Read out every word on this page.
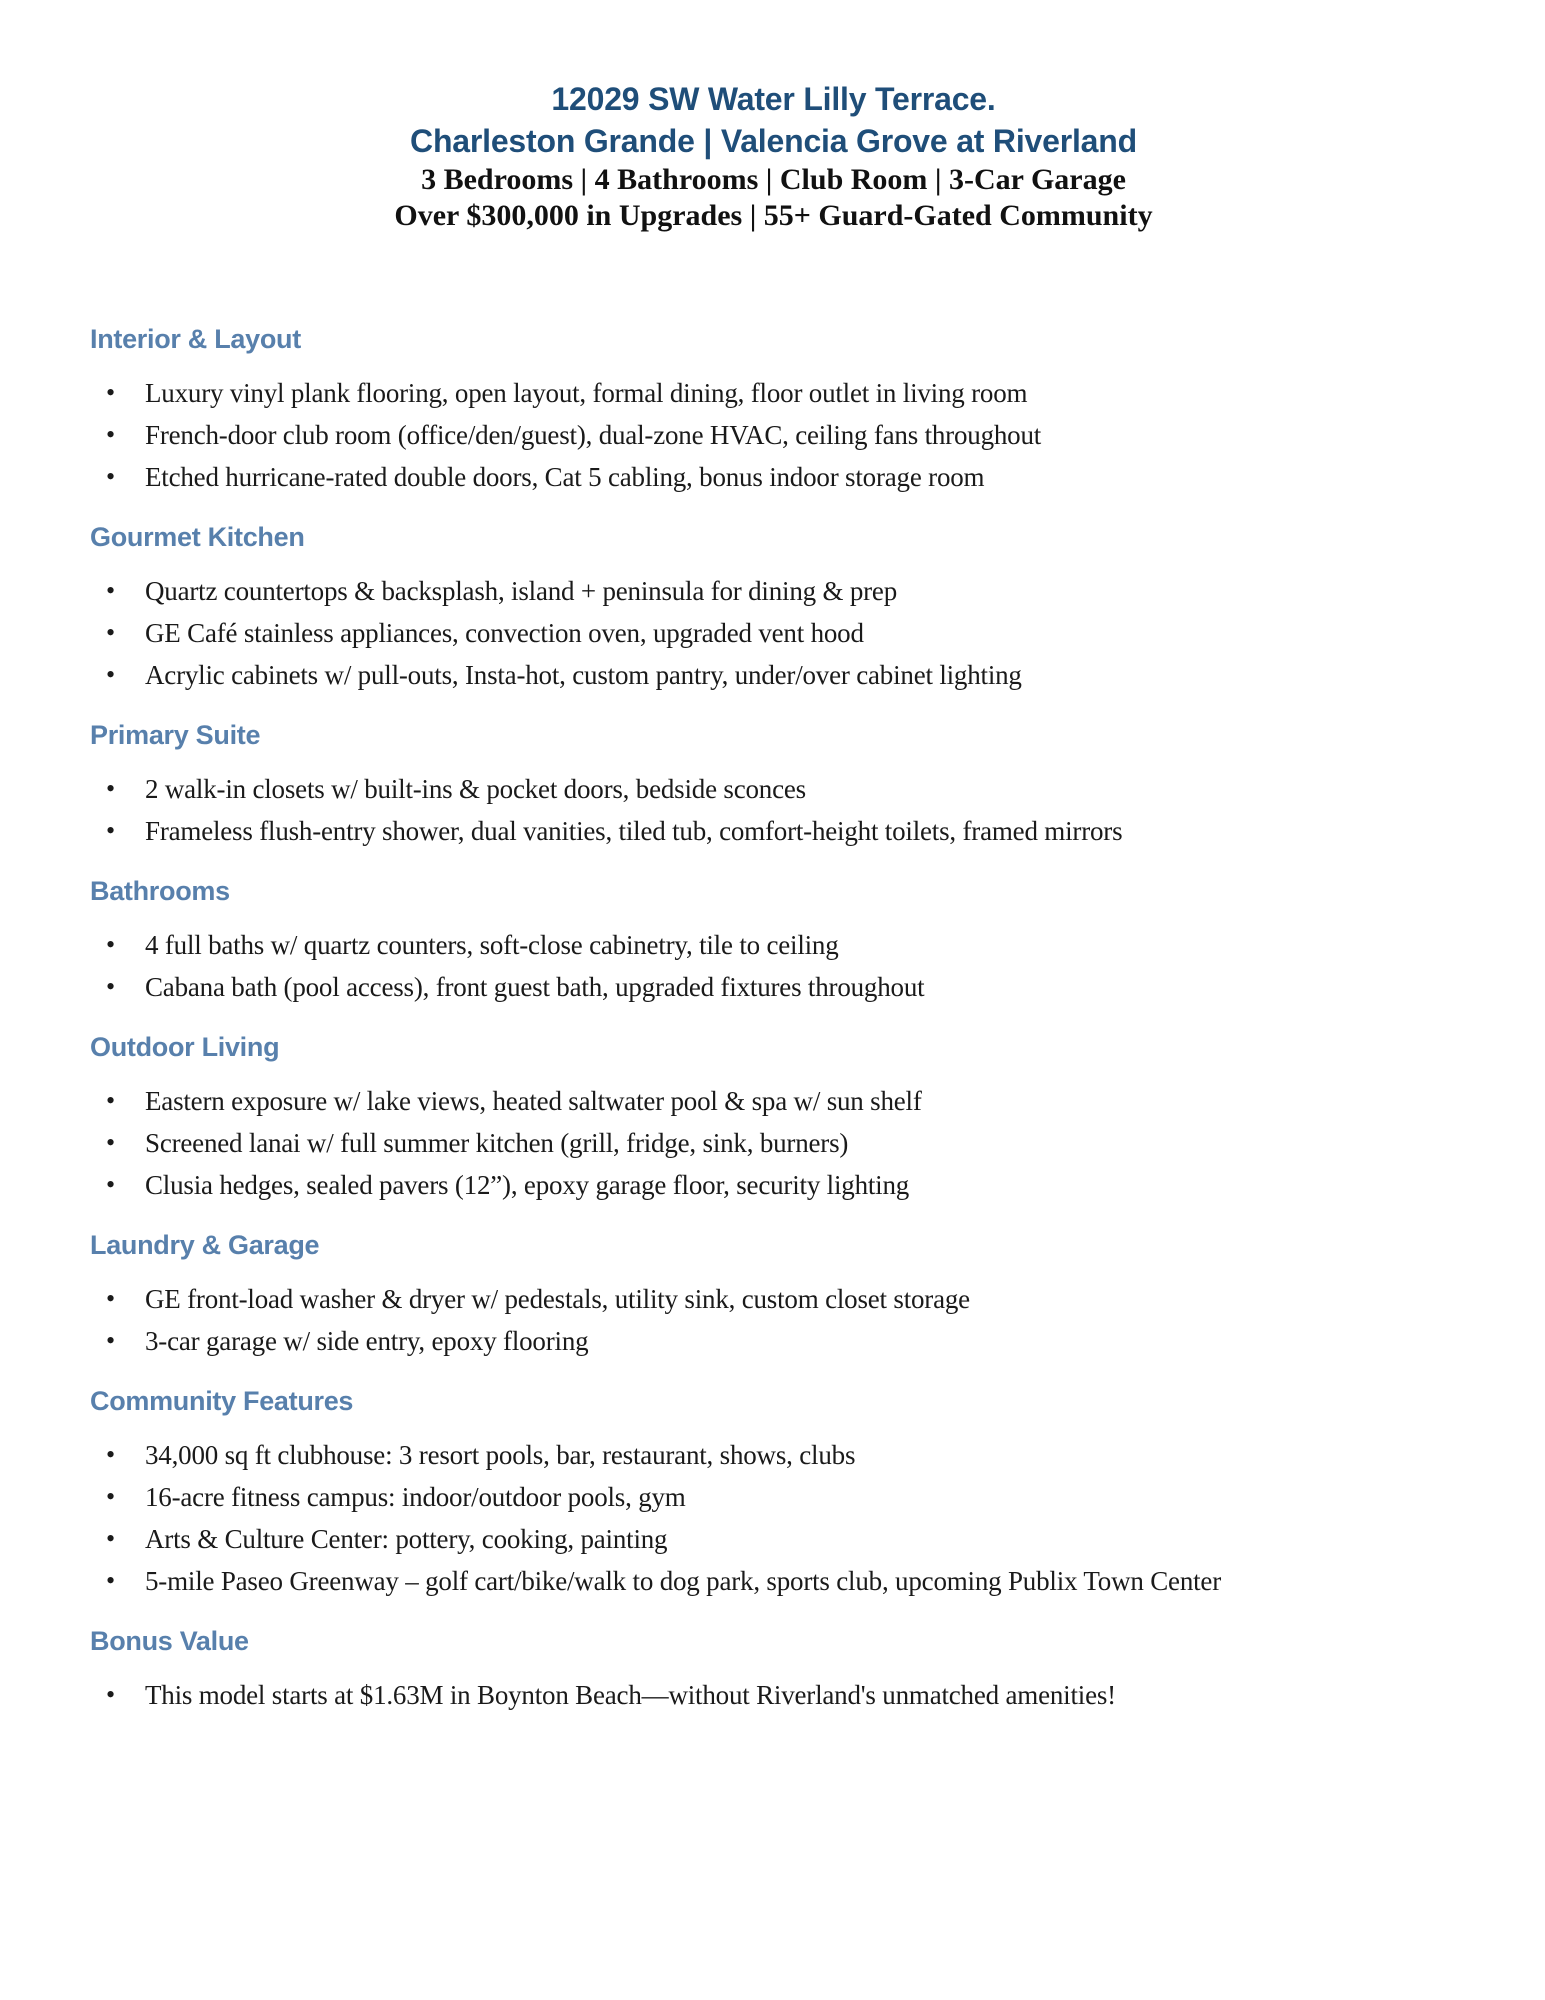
12029 SW Water Lilly Terrace.

Charleston Grande | Valencia Grove at Riverland

3 Bedrooms | 4 Bathrooms | Club Room | 3-Car Garage

Over $300,000 in Upgrades | 55+ Guard-Gated Community

Interior & Layout
• Luxury vinyl plank flooring, open layout, formal dining, floor outlet in living room
• French-door club room (office/den/guest), dual-zone HVAC, ceiling fans throughout
• Etched hurricane-rated double doors, Cat 5 cabling, bonus indoor storage room
Gourmet Kitchen
• Quartz countertops & backsplash, island + peninsula for dining & prep
• GE Café stainless appliances, convection oven, upgraded vent hood
• Acrylic cabinets w/ pull-outs, Insta-hot, custom pantry, under/over cabinet lighting
Primary Suite
• 2 walk-in closets w/ built-ins & pocket doors, bedside sconces
• Frameless flush-entry shower, dual vanities, tiled tub, comfort-height toilets, framed mirrors
Bathrooms
• 4 full baths w/ quartz counters, soft-close cabinetry, tile to ceiling
• Cabana bath (pool access), front guest bath, upgraded fixtures throughout
Outdoor Living
• Eastern exposure w/ lake views, heated saltwater pool & spa w/ sun shelf
• Screened lanai w/ full summer kitchen (grill, fridge, sink, burners)
• Clusia hedges, sealed pavers (12”), epoxy garage floor, security lighting
Laundry & Garage
• GE front-load washer & dryer w/ pedestals, utility sink, custom closet storage
• 3-car garage w/ side entry, epoxy flooring
Community Features
• 34,000 sq ft clubhouse: 3 resort pools, bar, restaurant, shows, clubs
• 16-acre fitness campus: indoor/outdoor pools, gym
• Arts & Culture Center: pottery, cooking, painting
• 5-mile Paseo Greenway – golf cart/bike/walk to dog park, sports club, upcoming Publix Town Center
Bonus Value
• This model starts at $1.63M in Boynton Beach—without Riverland's unmatched amenities!
